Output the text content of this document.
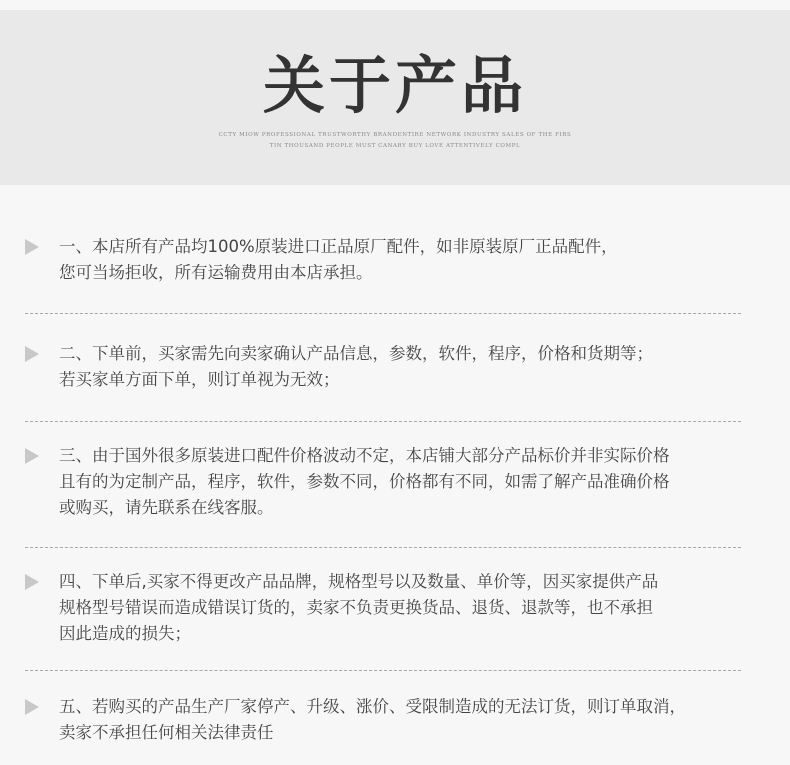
关于产品
CCTY MIOW PROFESSIONAL TRUSTWORTHY BRANDENTIRE NETWORK INDUSTRY SALES OF THE FIRS
TIN THOUSAND PEOPLE MUST CANARY BUY LOVE ATTENTIVELY COMPL

一、本店所有产品均100%原装进口正品原厂配件，如非原装原厂正品配件，

您可当场拒收，所有运输费用由本店承担。

二、下单前，买家需先向卖家确认产品信息，参数，软件，程序，价格和货期等；

若买家单方面下单，则订单视为无效；

三、由于国外很多原装进口配件价格波动不定，本店铺大部分产品标价并非实际价格

且有的为定制产品，程序，软件，参数不同，价格都有不同，如需了解产品准确价格

或购买，请先联系在线客服。

四、下单后,买家不得更改产品品牌，规格型号以及数量、单价等，因买家提供产品

规格型号错误而造成错误订货的，卖家不负责更换货品、退货、退款等，也不承担

因此造成的损失；

五、若购买的产品生产厂家停产、升级、涨价、受限制造成的无法订货，则订单取消，

卖家不承担任何相关法律责任
